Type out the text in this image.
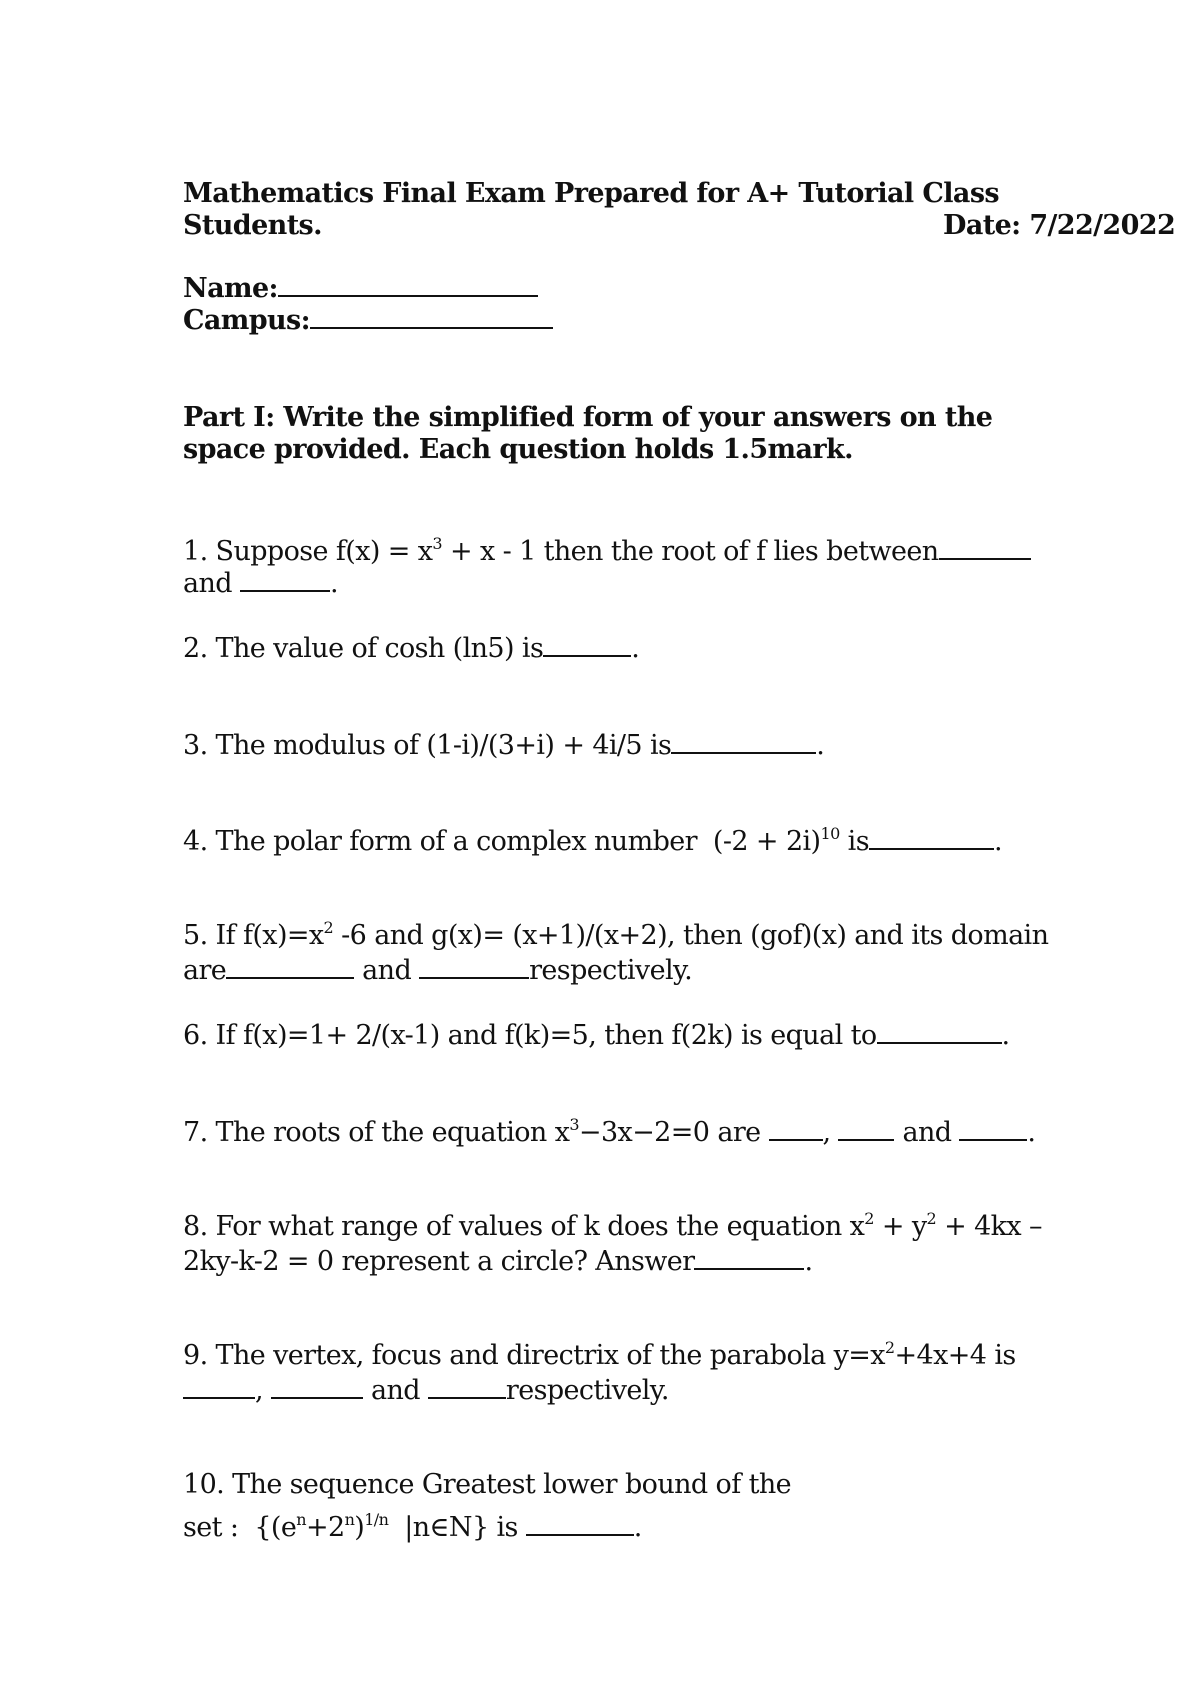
Mathematics Final Exam Prepared for A+ Tutorial Class
Students.	Date: 7/22/2022
Name:
Campus:
Part I: Write the simplified form of your answers on the
space provided. Each question holds 1.5mark.
1. Suppose $f(x) = x^3 + x - 1$ then the root of f lies between
and	.
2. The value of cosh (ln5) is	.
3. The modulus of (1-i)/(3+i) + 4i/5 is	.
4. The polar form of a complex number  $(-2 + 2i)^{10}$ is	.
5. If $f(x)=x^2$ -6 and g(x)= (x+1)/(x+2), then (gof)(x) and its domain
are	and	respectively.
6. If f(x)=1+ 2/(x-1) and f(k)=5, then f(2k) is equal to	.
7. The roots of the equation $x^3-3x-2=0$ are ,  and	.
8. For what range of values of k does the equation $x^2 + y^2 + 4kx$ –
2ky-k-2 = 0 represent a circle? Answer	.
9. The vertex, focus and directrix of the parabola $y=x^2+4x+4$ is
,	and	respectively.
10. The sequence Greatest lower bound of the
set :  {$(e^n+2^n)^{1/n}$  |n∈N} is	.
